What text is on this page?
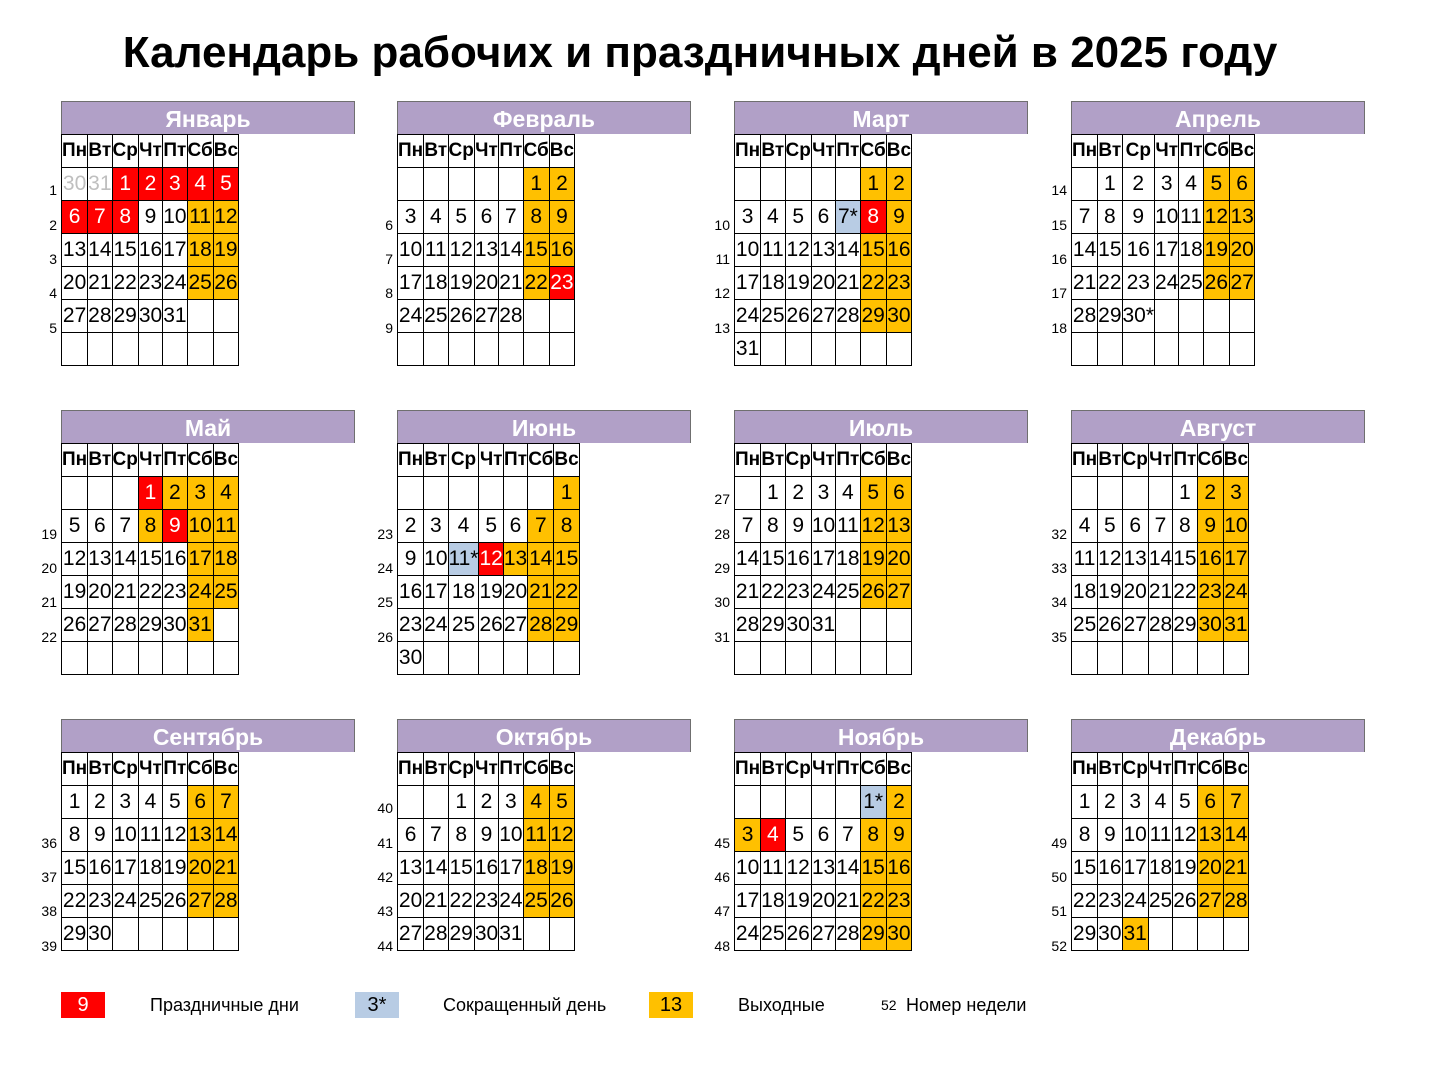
Календарь рабочих и праздничных дней в 2025 году
Январь
1
2
3
4
5
Пн	Вт	Ср	Чт	Пт	Сб	Вс
30	31	1	2	3	4	5
6	7	8	9	10	11	12
13	14	15	16	17	18	19
20	21	22	23	24	25	26
27	28	29	30	31		

Февраль
6
7
8
9
Пн	Вт	Ср	Чт	Пт	Сб	Вс
					1	2
3	4	5	6	7	8	9
10	11	12	13	14	15	16
17	18	19	20	21	22	23
24	25	26	27	28		

Март
10
11
12
13
Пн	Вт	Ср	Чт	Пт	Сб	Вс
					1	2
3	4	5	6	7*	8	9
10	11	12	13	14	15	16
17	18	19	20	21	22	23
24	25	26	27	28	29	30
31						
Апрель
14
15
16
17
18
Пн	Вт	Ср	Чт	Пт	Сб	Вс
	1	2	3	4	5	6
7	8	9	10	11	12	13
14	15	16	17	18	19	20
21	22	23	24	25	26	27
28	29	30*				

Май
19
20
21
22
Пн	Вт	Ср	Чт	Пт	Сб	Вс
			1	2	3	4
5	6	7	8	9	10	11
12	13	14	15	16	17	18
19	20	21	22	23	24	25
26	27	28	29	30	31	

Июнь
23
24
25
26
Пн	Вт	Ср	Чт	Пт	Сб	Вс
						1
2	3	4	5	6	7	8
9	10	11*	12	13	14	15
16	17	18	19	20	21	22
23	24	25	26	27	28	29
30						
Июль
27
28
29
30
31
Пн	Вт	Ср	Чт	Пт	Сб	Вс
	1	2	3	4	5	6
7	8	9	10	11	12	13
14	15	16	17	18	19	20
21	22	23	24	25	26	27
28	29	30	31			

Август
32
33
34
35
Пн	Вт	Ср	Чт	Пт	Сб	Вс
				1	2	3
4	5	6	7	8	9	10
11	12	13	14	15	16	17
18	19	20	21	22	23	24
25	26	27	28	29	30	31

Сентябрь
36
37
38
39
Пн	Вт	Ср	Чт	Пт	Сб	Вс
1	2	3	4	5	6	7
8	9	10	11	12	13	14
15	16	17	18	19	20	21
22	23	24	25	26	27	28
29	30					
Октябрь
40
41
42
43
44
Пн	Вт	Ср	Чт	Пт	Сб	Вс
		1	2	3	4	5
6	7	8	9	10	11	12
13	14	15	16	17	18	19
20	21	22	23	24	25	26
27	28	29	30	31		
Ноябрь
45
46
47
48
Пн	Вт	Ср	Чт	Пт	Сб	Вс
					1*	2
3	4	5	6	7	8	9
10	11	12	13	14	15	16
17	18	19	20	21	22	23
24	25	26	27	28	29	30
Декабрь
49
50
51
52
Пн	Вт	Ср	Чт	Пт	Сб	Вс
1	2	3	4	5	6	7
8	9	10	11	12	13	14
15	16	17	18	19	20	21
22	23	24	25	26	27	28
29	30	31				
9	Праздничные дни	3*	Сокращенный день	13	Выходные	52 Номер недели
